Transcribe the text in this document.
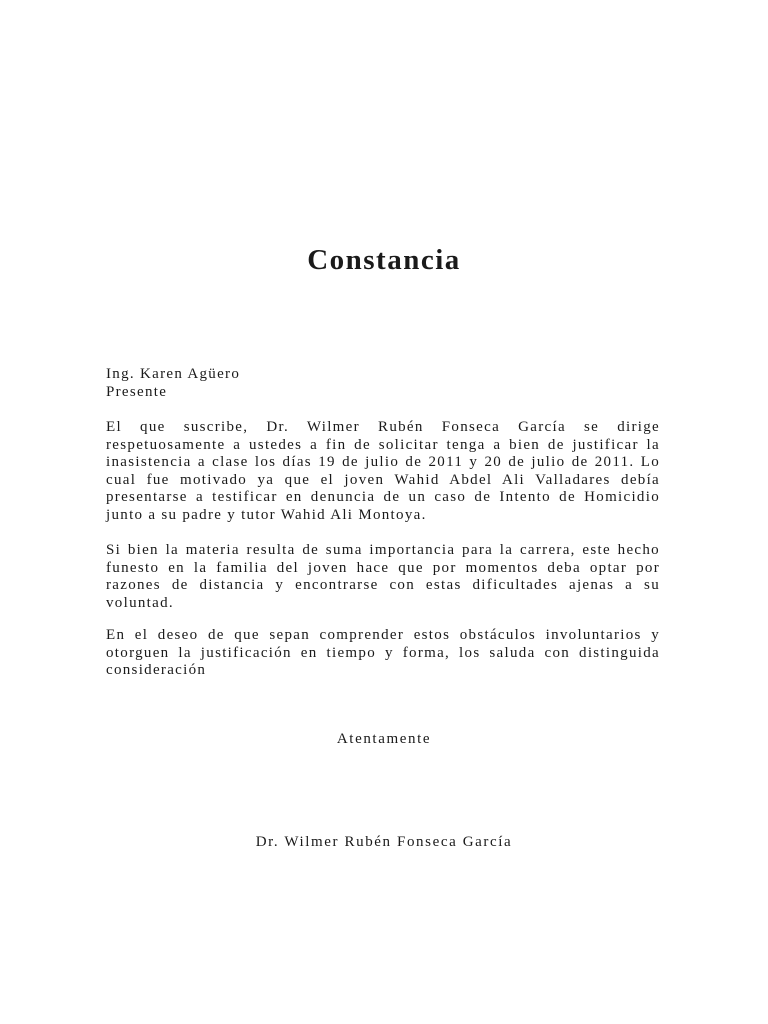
Constancia
Ing. Karen Agüero
Presente

El que suscribe, Dr. Wilmer Rubén Fonseca García se dirige respetuosamente a ustedes a fin de solicitar tenga a bien de justificar la inasistencia a clase los días 19 de julio de 2011 y 20 de julio de 2011. Lo cual fue motivado ya que el joven Wahid Abdel Ali Valladares debía presentarse a testificar en denuncia de un caso de Intento de Homicidio junto a su padre y tutor Wahid Ali Montoya.

Si bien la materia resulta de suma importancia para la carrera, este hecho funesto en la familia del joven hace que por momentos deba optar por razones de distancia y encontrarse con estas dificultades ajenas a su voluntad.

En el deseo de que sepan comprender estos obstáculos involuntarios y otorguen la justificación en tiempo y forma, los saluda con distinguida consideración

Atentamente
Dr. Wilmer Rubén Fonseca García
